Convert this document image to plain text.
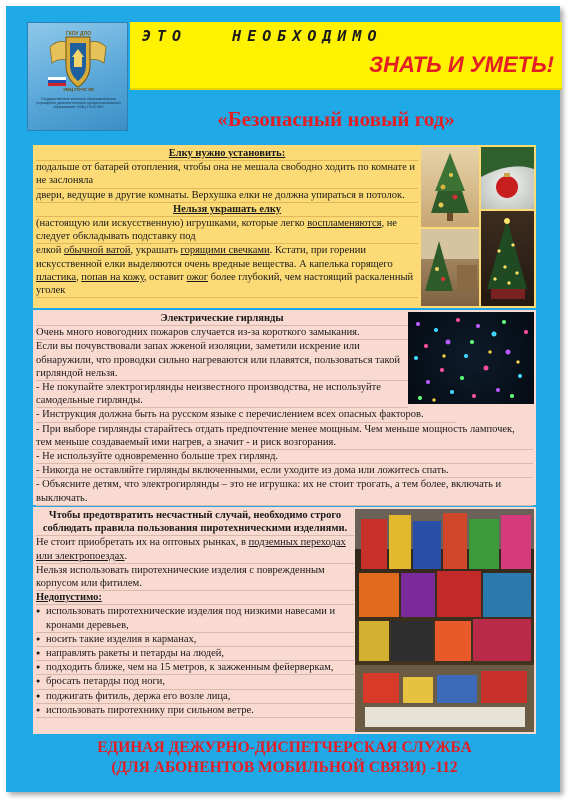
ГКОУ ДПО
УМЦ ГОЧС КК
Государственное казенное образовательное учреждение дополнительного профессионального образования «УМЦ ГОЧС КК»
ЭТО   НЕОБХОДИМО
ЗНАТЬ И УМЕТЬ!
«Безопасный новый год»
Елку нужно установить:

подальше от батарей отопления, чтобы она не мешала свободно ходить по комнате и не заслоняла

двери, ведущие в другие комнаты. Верхушка елки не должна упираться в потолок.

Нельзя украшать елку

(настоящую или искусственную) игрушками, которые легко воспламеняются, не следует обкладывать подставку под

елкой обычной ватой, украшать горящими свечками. Кстати, при горении искусственной елки выделяются очень вредные вещества. А капелька горящего пластика, попав на кожу, оставит ожог более глубокий, чем настоящий раскаленный уголек

Электрические гирлянды

Очень много новогодних пожаров случается из-за короткого замыкания.

Если вы почувствовали запах жженой изоляции, заметили искрение или обнаружили, что проводки сильно нагреваются или плавятся, пользоваться такой гирляндой нельзя.

- Не покупайте электрогирлянды неизвестного производства, не используйте самодельные гирлянды.

- Инструкция должна быть на русском языке с перечислением всех опасных факторов.

- При выборе гирлянды старайтесь отдать предпочтение менее мощным. Чем меньше мощность лампочек, тем меньше создаваемый ими нагрев, а значит - и риск возгорания.

- Не используйте одновременно больше трех гирлянд.

- Никогда не оставляйте гирлянды включенными, если уходите из дома или ложитесь спать.

- Объясните детям, что электрогирлянды – это не игрушка: их не стоит трогать, а тем более, включать и выключать.

Чтобы предотвратить несчастный случай, необходимо строго соблюдать правила пользования пиротехническими изделиями.

Не стоит приобретать их на оптовых рынках, в подземных переходах или электропоездах.

Нельзя использовать пиротехнические изделия с поврежденным корпусом или фитилем.

Недопустимо:

● использовать пиротехнические изделия под низкими навесами и кронами деревьев,
● носить такие изделия в карманах,
● направлять ракеты и петарды на людей,
● подходить ближе, чем на 15 метров, к зажженным фейерверкам,
● бросать петарды под ноги,
● поджигать фитиль, держа его возле лица,
● использовать пиротехнику при сильном ветре.
ЕДИНАЯ ДЕЖУРНО-ДИСПЕТЧЕРСКАЯ СЛУЖБА
(ДЛЯ АБОНЕНТОВ МОБИЛЬНОЙ СВЯЗИ) -112
